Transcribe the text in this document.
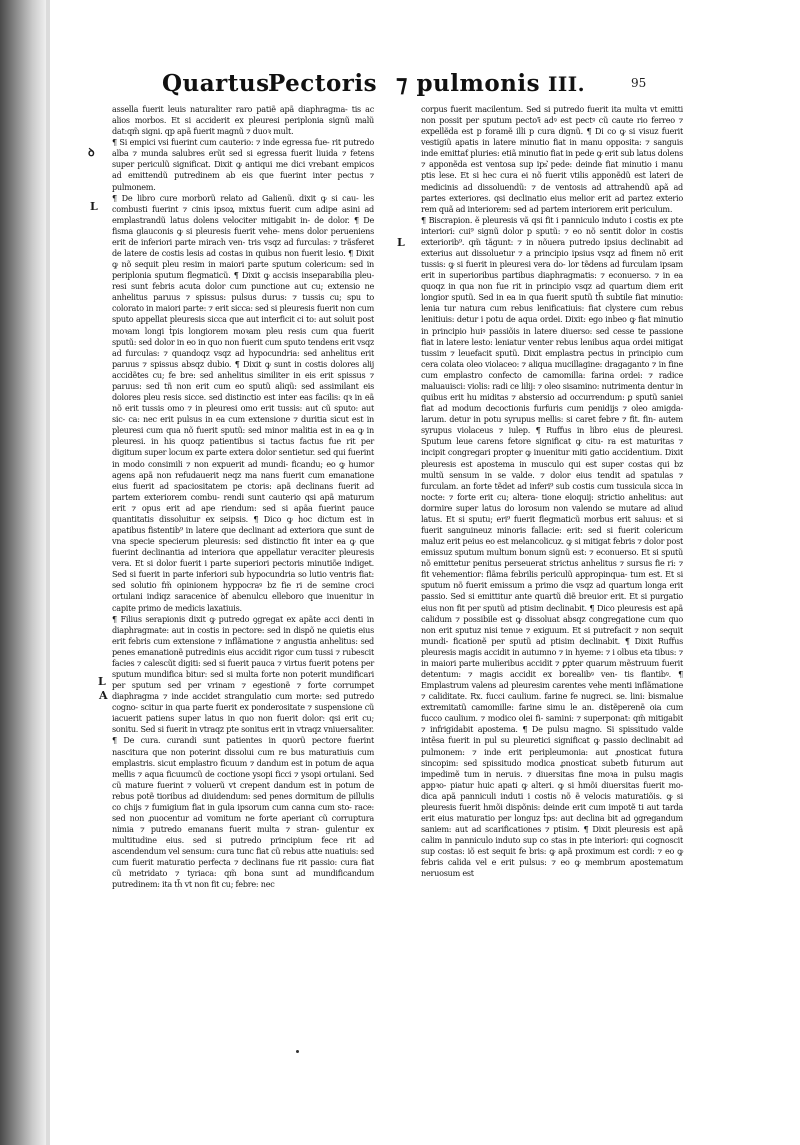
Quartus
Pectoris ⁊ pulmonis III.	95
ꝺ
L
L
L
A

assella fuerit leuis naturaliter raro patiẽ apã diaphragma- tis ac alios morbos. Et si acciderit ex pleuresi periplonia signũ malũ dat:qm̃ signi. qp apã fuerit magnũ ⁊ duoꝛ mult.

¶ Si empici vsi fuerint cum cauterio: ⁊ inde egressa fue- rit putredo alba ⁊ munda salubres erũt sed si egressa fuerit liuida ⁊ fetens super periculũ significat. Dixit ꝙ antiqui me dici vrebant empicos ad emittendũ putredinem ab eis que fuerint inter pectus ⁊ pulmonem.

¶ De libro cure morborũ relato ad Galienũ. dixit ꝙ si cau- les combusti fuerint ⁊ cinis ipsoꝝ mixtus fuerit cum adipe asini ad emplastrandũ latus dolens velociter mitigabit in- de dolor. ¶ De fisma glauconis ꝙ si pleuresis fuerit vehe- mens dolor perueniens erit de inferiori parte mirach ven- tris vsqz ad furculas: ⁊ trãsferet de latere de costis lesis ad costas in quibus non fuerit lesio. ¶ Dixit ꝙ nõ sequit pleu resim in maiori parte sputum colericum: sed in periplonia sputum flegmaticũ. ¶ Dixit ꝙ accisis inseparabilia pleu- resi sunt febris acuta dolor cum punctione aut cu; extensio ne anhelitus paruus ⁊ spissus: pulsus durus: ⁊ tussis cu; spu to colorato in maiori parte: ⁊ erit sicca: sed si pleuresis fuerit non cum sputo appellat pleuresis sicca que aut interficit ci to: aut soluit post moꝛam longi ṫpis longiorem moꝛam pleu resis cum qua fuerit sputũ: sed dolor in eo in quo non fuerit cum sputo tendens erit vsqz ad furculas: ⁊ quandoqz vsqz ad hypocundria: sed anhelitus erit paruus ⁊ spissus absqz dubio. ¶ Dixit ꝙ sunt in costis dolores alij accidẽtes cu; fe bre: sed anhelitus similiter in eis erit spissus ⁊ paruus: sed tñ non erit cum eo sputũ aliqũ: sed assimilant eis dolores pleu resis sicce. sed distinctio est inter eas facilis: qꝛ in eã nõ erit tussis omo ⁊ in pleuresi omo erit tussis: aut cũ sputo: aut sic- ca: nec erit pulsus in ea cum extensione ⁊ duritia sicut est in pleuresi cum qua nõ fuerit sputũ: sed minor malitia est in ea ꝙ in pleuresi. in his quoqz patientibus si tactus factus fue rit per digitum super locum ex parte extera dolor sentietur. sed qui fuerint in modo consimili ⁊ non expuerit ad mundi- ficandu; eo ꝙ humor agens apã non refudauerit neqz ma nans fuerit cum emanatione eius fuerit ad spaciositatem pe ctoris: apã declinans fuerit ad partem exteriorem combu- rendi sunt cauterio qsi apã maturum erit ⁊ opus erit ad ape riendum: sed si apãa fuerint pauce quantitatis dissoluitur ex seipsis. ¶ Dico ꝙ hoc dictum est in apatibus fistentib⁹ in latere que declinant ad exteriora que sunt de vna specie specierum pleuresis: sed distinctio fit inter ea ꝙ que fuerint declinantia ad interiora que appellatur veraciter pleuresis vera. Et si dolor fuerit i parte superiori pectoris minutiõe indiget. Sed si fuerit in parte inferiori sub hypocundria so lutio ventris fiat: sed solutio fm̃ opinionem hyppocraꝰ bz fie ri de semine croci ortulani indiqz saracenice ꝺf abenulcu elleboro que inuenitur in capite primo de medicis laxatiuis.

¶ Filius serapionis dixit ꝙ putredo ꝯgregat ex apãte acci denti in diaphragmate: aut in costis in pectore: sed in dispõ ne quietis eius erit febris cum extensione ⁊ inflãmatione ⁊ angustia anhelitus: sed penes emanationẽ putredinis eius accidit rigor cum tussi ⁊ rubescit facies ⁊ calescũt digiti: sed si fuerit pauca ⁊ virtus fuerit potens per sputum mundifica bitur: sed si multa forte non poterit mundificari per sputum sed per vrinam ⁊ egestionẽ ⁊ forte corrumpet diaphragma ⁊ inde accidet strangulatio cum morte: sed putredo cogno- scitur in qua parte fuerit ex ponderositate ⁊ suspensione cũ iacuerit patiens super latus in quo non fuerit dolor: qsi erit cu; sonitu. Sed si fuerit in vtraqz pte sonitus erit in vtraqz vniuersaliter. ¶ De cura. curandi sunt patientes in quorũ pectore fuerint nascitura que non poterint dissolui cum re bus maturatiuis cum emplastris. sicut emplastro ficuum ⁊ dandum est in potum de aqua mellis ⁊ aqua ficuumcũ de coctione ysopi ficci ⁊ ysopi ortulani. Sed cũ mature fuerint ⁊ voluerũ vt crepent dandum est in potum de rebus potẽ tioribus ad diuidendum: sed penes dormitum de pillulis co chijs ⁊ fumigium fiat in gula ipsorum cum canna cum sto- race: sed non ꝓuocentur ad vomitum ne forte aperiant cũ corruptura nimia ⁊ putredo emanans fuerit multa ⁊ stran- gulentur ex multitudine eius. sed si putredo principium fece rit ad ascendendum vel sensum: cura tunc fiat cũ rebus atte nuatiuis: sed cum fuerit maturatio perfecta ⁊ declinans fue rit passio: cura fiat cũ metridato ⁊ tyriaca: qm̃ bona sunt ad mundificandum putredinem: ita th̃ vt non fit cu; febre: nec

corpus fuerit macilentum. Sed si putredo fuerit ita multa vt emitti non possit per sputum pectoꝛ̃ adꝰ est pectꝰ cũ caute rio ferreo ⁊ expellẽda est p foramẽ illi p cura dignũ. ¶ Di co ꝙ si visuz fuerit vestigiũ apatis in latere minutio fiat in manu opposita: ⁊ sanguis inde emittaƭ pluries: etiã minutio fiat in pede ꝙ erit sub latus dolens ⁊ apponẽda est ventosa sup ips͛ pede: deinde fiat minutio i manu ptis lese. Et si hec cura ei nõ fuerit vtilis apponẽdũ est lateri de medicinis ad dissoluendũ: ⁊ de ventosis ad attrahendũ apã ad partes exteriores. qsi declinatio eius melior erit ad partez exterio rem quã ad interiorem: sed ad partem interiorem erit periculum.

¶ Biscrapion. ẽ pleuresis vã qsi fit i panniculo induto i costis ex pte interiori: cui⁹ signũ dolor p sputũ: ⁊ eo nõ sentit dolor in costis exteriorib⁹. qm̃ tãgunt: ⁊ in nõuera putredo ipsius declinabit ad exterius aut dissoluetur ⁊ a principio ipsius vsqz ad finem nõ erit tussis: ꝙ si fuerit in pleuresi vera do- lor tẽdens ad furculam ipsam erit in superioribus partibus diaphragmatis: ⁊ econuerso. ⁊ in ea quoqz in qua non fue rit in principio vsqz ad quartum diem erit longior sputũ. Sed in ea in qua fuerit sputũ th̃ subtile fiat minutio: lenia tur natura cum rebus lenificatiuis: fiat clystere cum rebus lenitiuis: detur i potu de aqua ordei. Dixit: ego inbeo ꝙ fiat minutio in principio huiꝰ passiõis in latere diuerso: sed cesse te passione fiat in latere lesto: leniatur venter rebus lenibus aqua ordei mitigat tussim ⁊ leuefacit sputũ. Dixit emplastra pectus in principio cum cera colata oleo violaceo: ⁊ aliqua mucillagine: dragaganto ⁊ in fine cum emplastro confecto de camomilla: farina ordei: ⁊ radice maluauisci: violis: radi ce lilij: ⁊ oleo sisamino: nutrimenta dentur in quibus erit hu miditas ⁊ abstersio ad occurrendum: ꝑ sputũ saniei fiat ad modum decoctionis furfuris cum penidijs ⁊ oleo amigda- larum. detur in potu syrupus mellis: si caret febre ⁊ fit. fin- autem syrupus violaceus ⁊ iulep. ¶ Ruffus in libro eius de pleuresi. Sputum leue carens fetore significat ꝙ citu- ra est maturitas ⁊ incipit congregari propter ꝙ inuenitur miti gatio accidentium. Dixit pleuresis est apostema in musculo qui est super costas qui bz multũ sensum in se valde. ⁊ dolor eius tendit ad spatulas ⁊ furculam. an forte tẽdet ad inferi⁹ sub costis cum tussicula sicca in nocte: ⁊ forte erit cu; altera- tione eloquij: strictio anhelitus: aut dormire super latus do lorosum non valendo se mutare ad aliud latus. Et si sputu; eri⁹ fuerit flegmaticũ morbus erit saluus: et si fuerit sanguineuz minoris fallacie: erit: sed si fuerit colericum maluz erit peius eo est melancolicuz. ꝙ si mitigat febris ⁊ dolor post emissuz sputum multum bonum signũ est: ⁊ econuerso. Et si sputũ nõ emittetur penitus perseuerat strictus anhelitus ⁊ sursus fie ri: ⁊ fit vehementior: flãma febrilis periculũ appropinqua- tum est. Et si sputum nõ fuerit emissum a primo die vsqz ad quartum longa erit passio. Sed si emittitur ante quartũ diẽ breuior erit. Et si purgatio eius non fit per sputũ ad ptisim declinabit. ¶ Dico pleuresis est apã calidum ⁊ possibile est ꝙ dissoluat absqz congregatione cum quo non erit sputuz nisi tenue ⁊ exiguum. Et si putrefacit ⁊ non sequit mundi- ficationẽ per sputũ ad ptisim declinabit. ¶ Dixit Ruffus pleuresis magis accidit in autumno ⁊ in hyeme: ⁊ i olbus eta tibus: ⁊ in maiori parte mulieribus accidit ⁊ ꝑpter quarum mẽstruum fuerit detentum: ⁊ magis accidit ex borealibꝰ ven- tis flantibꝰ. ¶ Emplastrum valens ad pleuresim carentes vehe menti inflãmatione ⁊ caliditate. Rx. fucci caulium. farine fe nugreci. se. lini: bismalue extremitatũ camomille: farine simu le an. distẽperenẽ oia cum fucco caulium. ⁊ modico olei fi- samini: ⁊ superponat: qm̃ mitigabit ⁊ infrigidabit apostema. ¶ De pulsu magno. Si spissitudo valde intẽsa fuerit in pul su pleuretici significat ꝙ passio declinabit ad pulmonem: ⁊ inde erit peripleumonia: aut ꝓnosticat futura sincopim: sed spissitudo modica ꝓnosticat subetb futurum aut impedimẽ tum in neruis. ⁊ diuersitas fine moꝛa in pulsu magis appꝛo- piatur huic apati ꝙ alteri. ꝙ si hmõi diuersitas fuerit mo- dica apã panniculi induti i costis nõ ẽ velocis maturatiõis. ꝙ si pleuresis fuerit hmõi dispõnis: deinde erit cum impotẽ ti aut tarda erit eius maturatio per longuz ṫps: aut declina bit ad ꝯgregandum saniem: aut ad scarificationes ⁊ ptisim. ¶ Dixit pleuresis est apã calim in panniculo induto sup co stas in pte interiori: qui cognoscit sup costas: iõ est sequit fe bris: ꝙ apã proximum est cordi: ⁊ eo ꝙ febris calida vel e erit pulsus: ⁊ eo ꝙ membrum apostematum neruosum est
